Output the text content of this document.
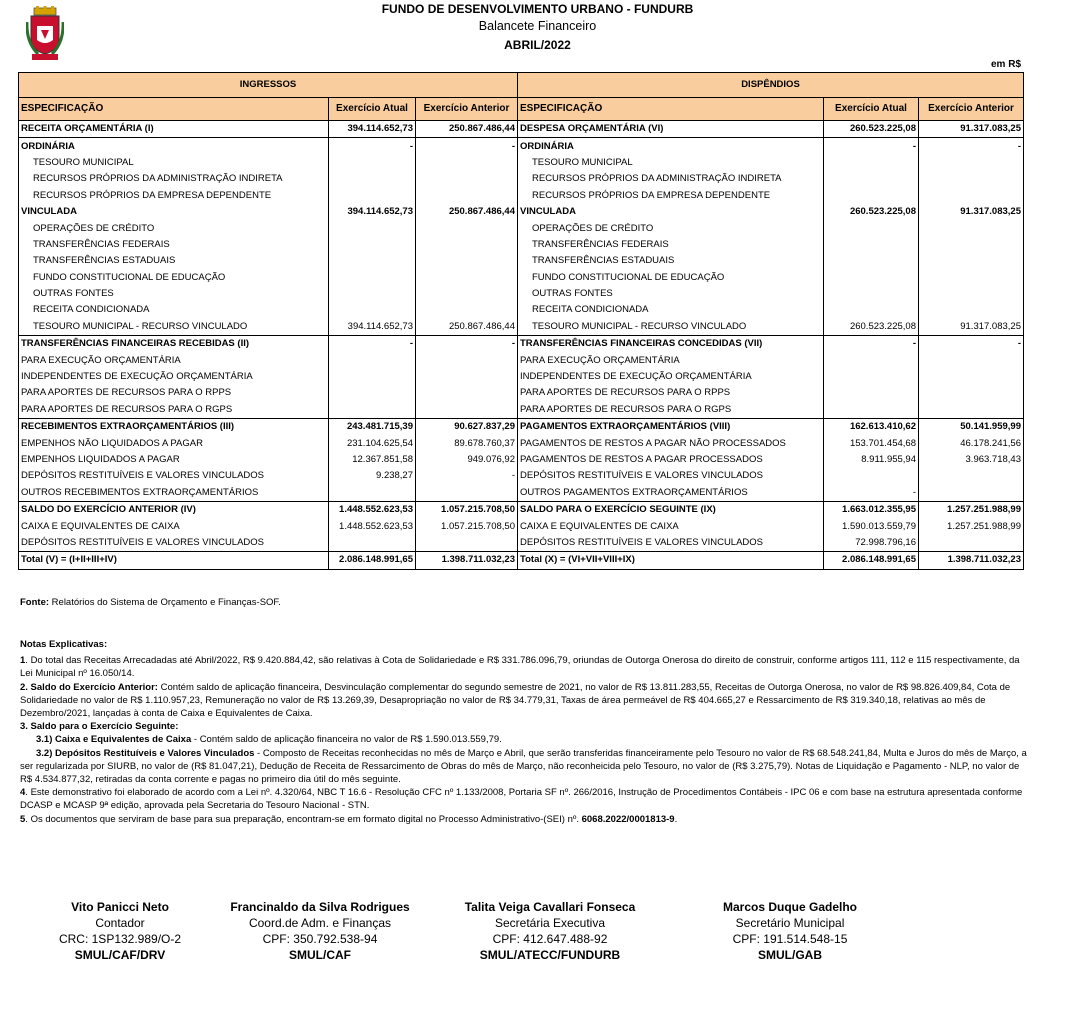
FUNDO DE DESENVOLVIMENTO URBANO - FUNDURB
Balancete Financeiro
ABRIL/2022
em R$
INGRESSOS			DISPÊNDIOS		
ESPECIFICAÇÃO	Exercício Atual	Exercício Anterior	ESPECIFICAÇÃO	Exercício Atual	Exercício Anterior
RECEITA ORÇAMENTÁRIA (I)	394.114.652,73	250.867.486,44	DESPESA ORÇAMENTÁRIA (VI)	260.523.225,08	91.317.083,25
ORDINÁRIA	-	-	ORDINÁRIA	-	-
TESOURO MUNICIPAL			TESOURO MUNICIPAL		
RECURSOS PRÓPRIOS DA ADMINISTRAÇÃO INDIRETA			RECURSOS PRÓPRIOS DA ADMINISTRAÇÃO INDIRETA		
RECURSOS PRÓPRIOS DA EMPRESA DEPENDENTE			RECURSOS PRÓPRIOS DA EMPRESA DEPENDENTE		
VINCULADA	394.114.652,73	250.867.486,44	VINCULADA	260.523.225,08	91.317.083,25
OPERAÇÕES DE CRÉDITO			OPERAÇÕES DE CRÉDITO		
TRANSFERÊNCIAS FEDERAIS			TRANSFERÊNCIAS FEDERAIS		
TRANSFERÊNCIAS ESTADUAIS			TRANSFERÊNCIAS ESTADUAIS		
FUNDO CONSTITUCIONAL DE EDUCAÇÃO			FUNDO CONSTITUCIONAL DE EDUCAÇÃO		
OUTRAS FONTES			OUTRAS FONTES		
RECEITA CONDICIONADA			RECEITA CONDICIONADA		
TESOURO MUNICIPAL - RECURSO VINCULADO	394.114.652,73	250.867.486,44	TESOURO MUNICIPAL - RECURSO VINCULADO	260.523.225,08	91.317.083,25
TRANSFERÊNCIAS FINANCEIRAS RECEBIDAS (II)	-	-	TRANSFERÊNCIAS FINANCEIRAS CONCEDIDAS (VII)	-	-
PARA EXECUÇÃO ORÇAMENTÁRIA			PARA EXECUÇÃO ORÇAMENTÁRIA		
INDEPENDENTES DE EXECUÇÃO ORÇAMENTÁRIA			INDEPENDENTES DE EXECUÇÃO ORÇAMENTÁRIA		
PARA APORTES DE RECURSOS PARA O RPPS			PARA APORTES DE RECURSOS PARA O RPPS		
PARA APORTES DE RECURSOS PARA O RGPS			PARA APORTES DE RECURSOS PARA O RGPS		
RECEBIMENTOS EXTRAORÇAMENTÁRIOS (III)	243.481.715,39	90.627.837,29	PAGAMENTOS EXTRAORÇAMENTÁRIOS (VIII)	162.613.410,62	50.141.959,99
EMPENHOS NÃO LIQUIDADOS A PAGAR	231.104.625,54	89.678.760,37	PAGAMENTOS DE RESTOS A PAGAR NÃO PROCESSADOS	153.701.454,68	46.178.241,56
EMPENHOS LIQUIDADOS A PAGAR	12.367.851,58	949.076,92	PAGAMENTOS DE RESTOS A PAGAR PROCESSADOS	8.911.955,94	3.963.718,43
DEPÓSITOS RESTITUÍVEIS E VALORES VINCULADOS	9.238,27	-	DEPÓSITOS RESTITUÍVEIS E VALORES VINCULADOS		
OUTROS RECEBIMENTOS EXTRAORÇAMENTÁRIOS			OUTROS PAGAMENTOS EXTRAORÇAMENTÁRIOS	-	
SALDO DO EXERCÍCIO ANTERIOR (IV)	1.448.552.623,53	1.057.215.708,50	SALDO PARA O EXERCÍCIO SEGUINTE (IX)	1.663.012.355,95	1.257.251.988,99
CAIXA E EQUIVALENTES DE CAIXA	1.448.552.623,53	1.057.215.708,50	CAIXA E EQUIVALENTES DE CAIXA	1.590.013.559,79	1.257.251.988,99
DEPÓSITOS RESTITUÍVEIS E VALORES VINCULADOS			DEPÓSITOS RESTITUÍVEIS E VALORES VINCULADOS	72.998.796,16	
Total (V) = (I+II+III+IV)	2.086.148.991,65	1.398.711.032,23	Total (X) = (VI+VII+VIII+IX)	2.086.148.991,65	1.398.711.032,23
Fonte: Relatórios do Sistema de Orçamento e Finanças-SOF.

Notas Explicativas:

1. Do total das Receitas Arrecadadas até Abril/2022, R$ 9.420.884,42, são relativas à Cota de Solidariedade e R$ 331.786.096,79, oriundas de Outorga Onerosa do direito de construir, conforme artigos 111, 112 e 115 respectivamente, da Lei Municipal nº 16.050/14.

2. Saldo do Exercício Anterior: Contém saldo de aplicação financeira, Desvinculação complementar do segundo semestre de 2021, no valor de R$ 13.811.283,55, Receitas de Outorga Onerosa, no valor de R$ 98.826.409,84, Cota de Solidariedade no valor de R$ 1.110.957,23, Remuneração no valor de R$ 13.269,39, Desapropriação no valor de R$ 34.779,31, Taxas de área permeável de R$ 404.665,27 e Ressarcimento de R$ 319.340,18, relativas ao mês de Dezembro/2021, lançadas à conta de Caixa e Equivalentes de Caixa.

3. Saldo para o Exercício Seguinte:

3.1) Caixa e Equivalentes de Caixa - Contém saldo de aplicação financeira no valor de R$ 1.590.013.559,79.

3.2) Depósitos Restituíveis e Valores Vinculados - Composto de Receitas reconhecidas no mês de Março e Abril, que serão transferidas financeiramente pelo Tesouro no valor de R$ 68.548.241,84, Multa e Juros do mês de Março, a ser regularizada por SIURB, no valor de (R$ 81.047,21), Dedução de Receita de Ressarcimento de Obras do mês de Março, não reconheicida pelo Tesouro, no valor de (R$ 3.275,79). Notas de Liquidação e Pagamento - NLP, no valor de R$ 4.534.877,32, retiradas da conta corrente e pagas no primeiro dia útil do mês seguinte.

4. Este demonstrativo foi elaborado de acordo com a Lei nº. 4.320/64, NBC T 16.6 - Resolução CFC nº 1.133/2008, Portaria SF nº. 266/2016, Instrução de Procedimentos Contábeis - IPC 06 e com base na estrutura apresentada conforme DCASP e MCASP 9ª edição, aprovada pela Secretaria do Tesouro Nacional - STN.

5. Os documentos que serviram de base para sua preparação, encontram-se em formato digital no Processo Administrativo-(SEI) nº. 6068.2022/0001813-9.

Vito Panicci Neto
Contador
CRC: 1SP132.989/O-2
SMUL/CAF/DRV
Francinaldo da Silva Rodrigues
Coord.de Adm. e Finanças
CPF: 350.792.538-94
SMUL/CAF
Talita Veiga Cavallari Fonseca
Secretária Executiva
CPF: 412.647.488-92
SMUL/ATECC/FUNDURB
Marcos Duque Gadelho
Secretário Municipal
CPF: 191.514.548-15
SMUL/GAB
